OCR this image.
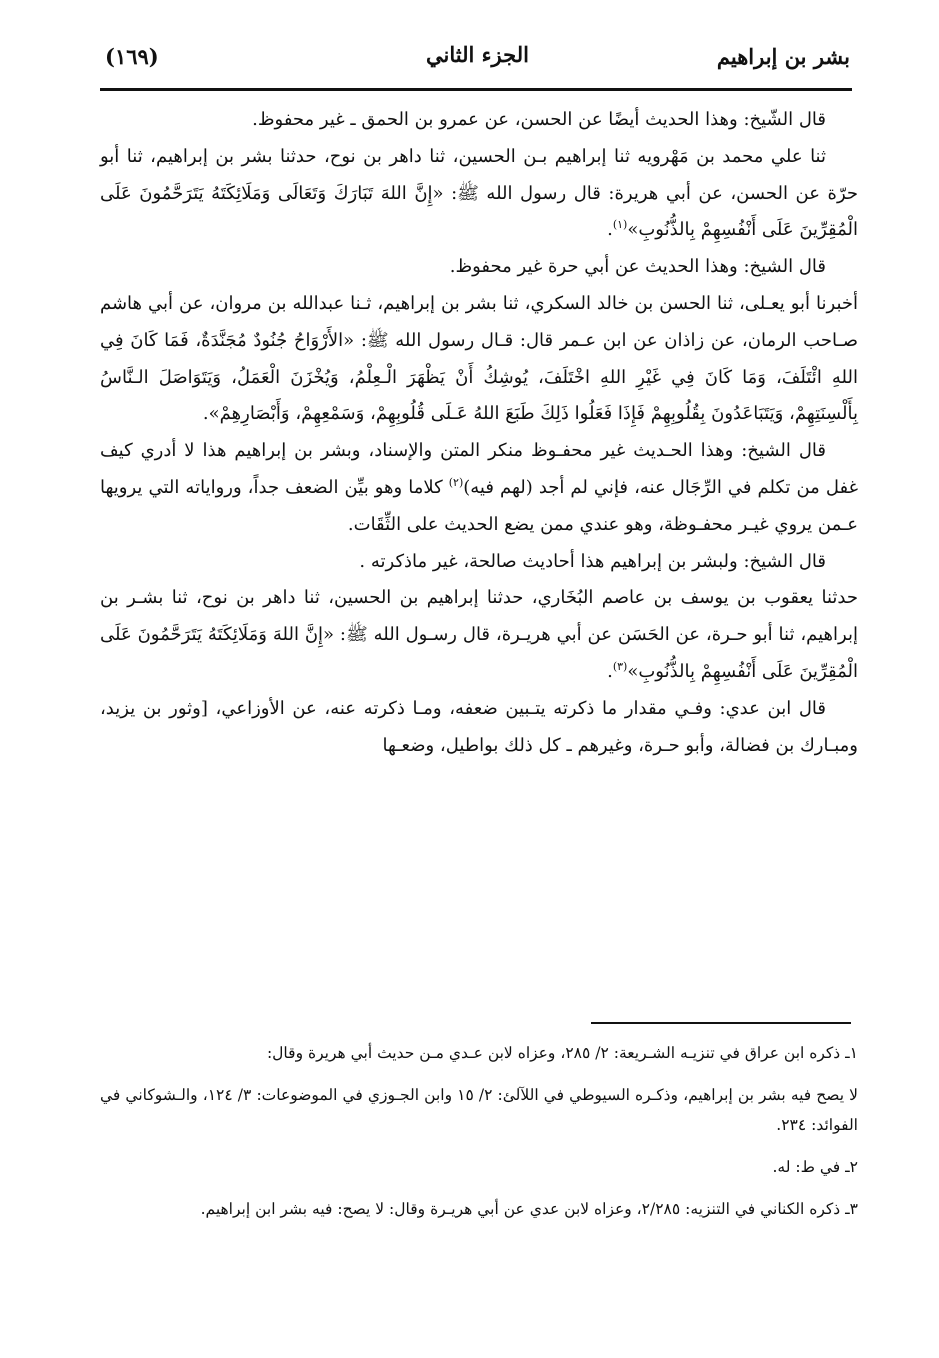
بشر بن إبراهيم
الجزء الثاني
(١٦٩)

قال الشّيخ: وهذا الحديث أيضًا عن الحسن، عن عمرو بن الحمق ـ غير محفوظ.

ثنا علي محمد بن مَهْرويه ثنا إبراهيم بـن الحسين، ثنا داهر بن نوح، حدثنا بشر بن إبراهيم، ثنا أبو حرّة عن الحسن، عن أبي هريرة: قال رسول الله ﷺ: «إِنَّ اللهَ تَبَارَكَ وَتَعَالَى وَمَلَائِكَتَهُ يَتَرَحَّمُونَ عَلَى الْمُقِرِّينَ عَلَى أَنْفُسِهِمْ بِالذُّنُوبِ»$^{(١)}$.

قال الشيخ: وهذا الحديث عن أبي حرة غير محفوظ.

أخبرنا أبو يعـلى، ثنا الحسن بن خالد السكري، ثنا بشر بن إبراهيم، ثـنا عبدالله بن مروان، عن أبي هاشم صـاحب الرمان، عن زاذان عن ابن عـمر قال: قـال رسول الله ﷺ: «الأَرْوَاحُ جُنُودٌ مُجَنَّدَةٌ، فَمَا كَانَ فِي اللهِ ائْتَلَفَ، وَمَا كَانَ فِي غَيْرِ اللهِ اخْتَلَفَ، يُوشِكُ أَنْ يَظْهَرَ الْـعِلْمُ، وَيُخْزَنَ الْعَمَلُ، وَيَتَوَاصَلَ الـنَّاسُ بِأَلْسِنَتِهِمْ، وَيَتَبَاعَدُونَ بِقُلُوبِهِمْ فَإِذَا فَعَلُوا ذَلِكَ طَبَعَ اللهُ عَـلَى قُلُوبِهِمْ، وَسَمْعِهِمْ، وَأَبْصَارِهِمْ».

قال الشيخ: وهذا الحـديث غير محفـوظ منكر المتن والإسناد، وبشر بن إبراهيم هذا لا أدري كيف غفل من تكلم في الرِّجَال عنه، فإني لم أجد (لهم فيه)$^{(٢)}$ كلاما وهو بيِّن الضعف جداً، ورواياته التي يرويها عـمن يروي غيـر محفـوظة، وهو عندي ممن يضع الحديث على الثِّقَات.

قال الشيخ: ولبشر بن إبراهيم هذا أحاديث صالحة، غير ماذكرته .

حدثنا يعقوب بن يوسف بن عاصم البُخَاري، حدثنا إبراهيم بن الحسين، ثنا داهر بن نوح، ثنا بشـر بن إبراهيم، ثنا أبو حـرة، عن الحَسَن عن أبي هريـرة، قال رسـول الله ﷺ: «إِنَّ اللهَ وَمَلَائِكَتَهُ يَتَرَحَّمُونَ عَلَى الْمُقِرِّينَ عَلَى أَنْفُسِهِمْ بِالذُّنُوبِ»$^{(٣)}$.

قال ابن عدي: وفـي مقدار ما ذكرته يتـبين ضعفه، ومـا ذكرته عنه، عن الأوزاعي، [وثور بن يزيد، ومبـارك بن فضالة، وأبو حـرة، وغيرهم ـ كل ذلك بواطيل، وضعـها

١ـ ذكره ابن عراق في تنزيـه الشـريعة: ٢/ ٢٨٥، وعزاه لابن عـدي مـن حديث أبي هريرة وقال:

لا يصح فيه بشر بن إبراهيم، وذكـره السيوطي في اللآلئ: ٢/ ١٥ وابن الجـوزي في الموضوعات: ٣/ ١٢٤، والـشوكاني في الفوائد: ٢٣٤.

٢ـ في ط: له.

٣ـ ذكره الكناني في التنزيه: ٢/٢٨٥، وعزاه لابن عدي عن أبي هريـرة وقال: لا يصح: فيه بشر ابن إبراهيم.
